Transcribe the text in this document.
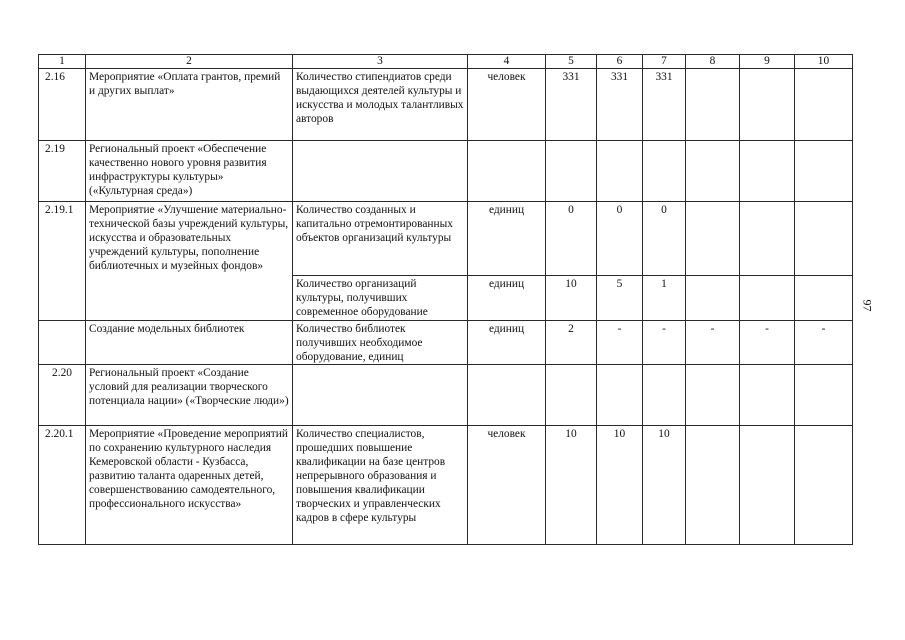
1	2	3	4	5	6	7	8	9	10
2.16	Мероприятие «Оплата грантов, премий и других выплат»	Количество стипендиатов среди выдающихся деятелей культуры и искусства и молодых талантливых авторов	человек	331	331	331			
2.19	Региональный проект «Обеспечение качественно нового уровня развития инфраструктуры культуры» («Культурная среда»)								
2.19.1	Мероприятие «Улучшение материально-технической базы учреждений культуры, искусства и образовательных учреждений культуры, пополнение библиотечных и музейных фондов»	Количество созданных и капитально отремонтированных объектов организаций культуры	единиц	0	0	0			
		Количество организаций культуры, получивших современное оборудование	единиц	10	5	1			
	Создание модельных библиотек	Количество библиотек получивших необходимое оборудование, единиц	единиц	2	-	-	-	-	-
2.20	Региональный проект «Создание условий для реализации творческого потенциала нации» («Творческие люди»)								
2.20.1	Мероприятие «Проведение мероприятий по сохранению культурного наследия Кемеровской области - Кузбасса, развитию таланта одаренных детей, совершенствованию самодеятельного, профессионального искусства»	Количество специалистов, прошедших повышение квалификации на базе центров непрерывного образования и повышения квалификации творческих и управленческих кадров в сфере культуры	человек	10	10	10			
97
